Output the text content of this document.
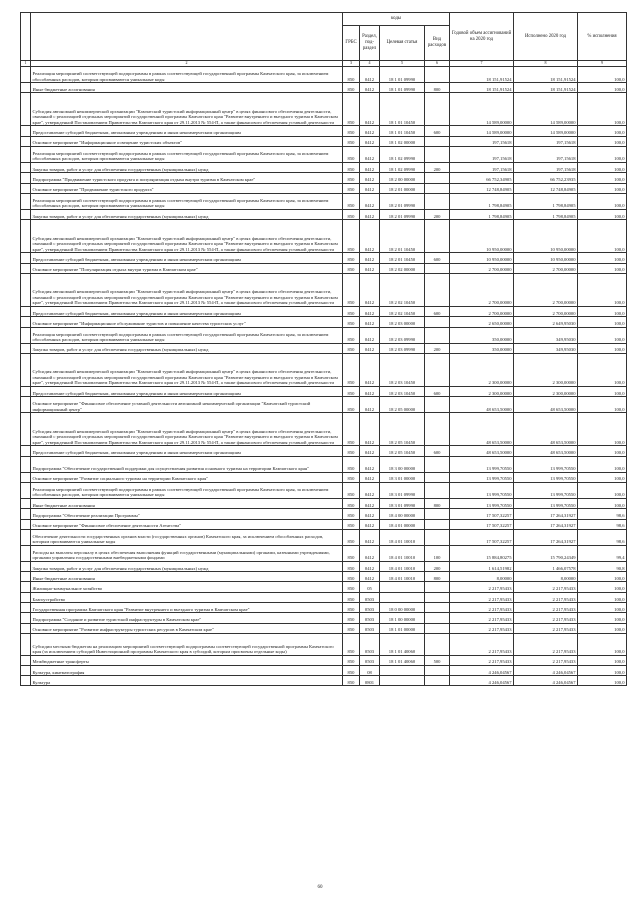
		коды				Годовой объем ассигнований на 2020 год	Исполнено 2020 год	% исполнения
		ГРБС	Раздел, под-раздел	Целевая статья	Вид расходов			
1	2	3	4	5	6	7	8	9
	Реализация мероприятий соответствующей подпрограммы в рамках соответствующей государственной программы Камчатского края, за исключением обособленных расходов, которым присваиваются уникальные коды	850	0412	18 1 01 09990		18 151,91524	18 151,91524	100,0
	Иные бюджетные ассигнования	850	0412	18 1 01 09990	800	18 151,91524	18 151,91524	100,0
	Субсидия автономной некоммерческой организации "Камчатский туристский информационный центр" в целях финансового обеспечения деятельности, связанной с реализацией отдельных мероприятий государственной программы Камчатского края "Развитие внутреннего и въездного туризма в Камчатском крае", утвержденной Постановлением Правительства Камчатского края от 29.11.2013 № 554-П, а также финансового обеспечения уставной деятельности	850	0412	18 1 01 10450		14 589,00000	14 589,00000	100,0
	Предоставление субсидий бюджетным, автономным учреждениям и иным некоммерческим организациям	850	0412	18 1 01 10450	600	14 589,00000	14 589,00000	100,0
	Основное мероприятие "Информационное освещение туристских объектов"	850	0412	18 1 02 00000		197,15618	197,15618	100,0
	Реализация мероприятий соответствующей подпрограммы в рамках соответствующей государственной программы Камчатского края, за исключением обособленных расходов, которым присваиваются уникальные коды	850	0412	18 1 02 09990		197,15618	197,15618	100,0
	Закупка товаров, работ и услуг для обеспечения государственных (муниципальных) нужд	850	0412	18 1 02 09990	200	197,15618	197,15618	100,0
	Подпрограмма "Продвижение туристского продукта и популяризация отдыха внутри туризма в Камчатском крае"	850	0412	18 2 00 00000		66 752,34905	66 752,23935	100,0
	Основное мероприятие "Продвижение туристского продукта"	850	0412	18 2 01 00000		12 748,84905	12 748,84905	100,0
	Реализация мероприятий соответствующей подпрограммы в рамках соответствующей государственной программы Камчатского края, за исключением обособленных расходов, которым присваиваются уникальные коды	850	0412	18 2 01 09990		1 798,84905	1 798,84905	100,0
	Закупка товаров, работ и услуг для обеспечения государственных (муниципальных) нужд	850	0412	18 2 01 09990	200	1 798,84905	1 798,84905	100,0
	Субсидия автономной некоммерческой организации "Камчатский туристский информационный центр" в целях финансового обеспечения деятельности, связанной с реализацией отдельных мероприятий государственной программы Камчатского края "Развитие внутреннего и въездного туризма в Камчатском крае", утвержденной Постановлением Правительства Камчатского края от 29.11.2013 № 554-П, а также финансового обеспечения уставной деятельности	850	0412	18 2 01 10450		10 950,00000	10 950,00000	100,0
	Предоставление субсидий бюджетным, автономным учреждениям и иным некоммерческим организациям	850	0412	18 2 01 10450	600	10 950,00000	10 950,00000	100,0
	Основное мероприятие "Популяризация отдыха внутри туризма в Камчатском крае"	850	0412	18 2 02 00000		2 700,00000	2 700,00000	100,0
	Субсидия автономной некоммерческой организации "Камчатский туристский информационный центр" в целях финансового обеспечения деятельности, связанной с реализацией отдельных мероприятий государственной программы Камчатского края "Развитие внутреннего и въездного туризма в Камчатском крае", утвержденной Постановлением Правительства Камчатского края от 29.11.2013 № 554-П, а также финансового обеспечения уставной деятельности	850	0412	18 2 02 10450		2 700,00000	2 700,00000	100,0
	Предоставление субсидий бюджетным, автономным учреждениям и иным некоммерческим организациям	850	0412	18 2 02 10450	600	2 700,00000	2 700,00000	100,0
	Основное мероприятие "Информационное обслуживание туристов и повышение качества туристских услуг"	850	0412	18 2 03 00000		2 650,00000	2 649,95030	100,0
	Реализация мероприятий соответствующей подпрограммы в рамках соответствующей государственной программы Камчатского края, за исключением обособленных расходов, которым присваиваются уникальные коды	850	0412	18 2 03 09990		350,00000	349,95030	100,0
	Закупка товаров, работ и услуг для обеспечения государственных (муниципальных) нужд	850	0412	18 2 03 09990	200	350,00000	349,95030	100,0
	Субсидия автономной некоммерческой организации "Камчатский туристский информационный центр" в целях финансового обеспечения деятельности, связанной с реализацией отдельных мероприятий государственной программы Камчатского края "Развитие внутреннего и въездного туризма в Камчатском крае", утвержденной Постановлением Правительства Камчатского края от 29.11.2013 № 554-П, а также финансового обеспечения уставной деятельности	850	0412	18 2 03 10450		2 300,00000	2 300,00000	100,0
	Предоставление субсидий бюджетным, автономным учреждениям и иным некоммерческим организациям	850	0412	18 2 03 10450	600	2 300,00000	2 300,00000	100,0
	Основное мероприятие "Финансовое обеспечение уставной деятельности автономной некоммерческой организации "Камчатский туристский информационный центр"	850	0412	18 2 05 00000		48 653,50000	48 653,50000	100,0
	Субсидия автономной некоммерческой организации "Камчатский туристский информационный центр" в целях финансового обеспечения деятельности, связанной с реализацией отдельных мероприятий государственной программы Камчатского края "Развитие внутреннего и въездного туризма в Камчатском крае", утвержденной Постановлением Правительства Камчатского края от 29.11.2013 № 554-П, а также финансового обеспечения уставной деятельности	850	0412	18 2 05 10450		48 653,50000	48 653,50000	100,0
	Предоставление субсидий бюджетным, автономным учреждениям и иным некоммерческим организациям	850	0412	18 2 05 10450	600	48 653,50000	48 653,50000	100,0
	Подпрограмма "Обеспечение государственной поддержки для осуществления развития основного туризма на территории Камчатского края"	850	0412	18 3 00 00000		13 999,70550	13 999,70550	100,0
	Основное мероприятие "Развитие социального туризма на территории Камчатского края"	850	0412	18 3 01 00000		13 999,70550	13 999,70550	100,0
	Реализация мероприятий соответствующей подпрограммы в рамках соответствующей государственной программы Камчатского края, за исключением обособленных расходов, которым присваиваются уникальные коды	850	0412	18 3 01 09990		13 999,70550	13 999,70550	100,0
	Иные бюджетные ассигнования	850	0412	18 3 01 09990	800	13 999,70550	13 999,70550	100,0
	Подпрограмма "Обеспечение реализации Программы"	850	0412	18 4 00 00000		17 507,32257	17 264,31927	98,6
	Основное мероприятие "Финансовое обеспечение деятельности Агентства"	850	0412	18 4 01 00000		17 507,32257	17 264,31927	98,6
	Обеспечение деятельности государственных органов власти (государственных органов) Камчатского края, за исключением обособленных расходов, которым присваиваются уникальные коды	850	0412	18 4 01 10010		17 507,32257	17 264,31927	98,6
	Расходы на выплаты персоналу в целях обеспечения выполнения функций государственными (муниципальными) органами, казенными учреждениями, органами управления государственными внебюджетными фондами	850	0412	18 4 01 10010	100	15 884,80275	15 790,24349	99,4
	Закупка товаров, работ и услуг для обеспечения государственных (муниципальных) нужд	850	0412	18 4 01 10010	200	1 614,51982	1 466,07578	90,8
	Иные бюджетные ассигнования	850	0412	18 4 01 10010	800	8,00000	8,00000	100,0
	Жилищно-коммунальное хозяйство	850	05			2 217,95433	2 217,95433	100,0
	Благоустройство	850	0503			2 217,95433	2 217,95433	100,0
	Государственная программа Камчатского края "Развитие внутреннего и въездного туризма в Камчатском крае"	850	0503	18 0 00 00000		2 217,95433	2 217,95433	100,0
	Подпрограмма "Создание и развитие туристской инфраструктуры в Камчатском крае"	850	0503	18 1 00 00000		2 217,95433	2 217,95433	100,0
	Основное мероприятие "Развитие инфраструктуры туристских ресурсов в Камчатском крае"	850	0503	18 1 01 00000		2 217,95433	2 217,95433	100,0
	Субсидии местным бюджетам на реализацию мероприятий соответствующей подпрограммы соответствующей государственной программы Камчатского края (за исключением субсидий Инвестиционной программы Камчатского края в субсидий, которым присвоены отдельные коды)	850	0503	18 1 01 40060		2 217,95433	2 217,95433	100,0
	Межбюджетные трансферты	850	0503	18 1 01 40060	500	2 217,95433	2 217,95433	100,0
	Культура, кинематография	850	08			4 246,04567	4 246,04567	100,0
	Культура	850	0801			4 246,04567	4 246,04567	100,0
60
